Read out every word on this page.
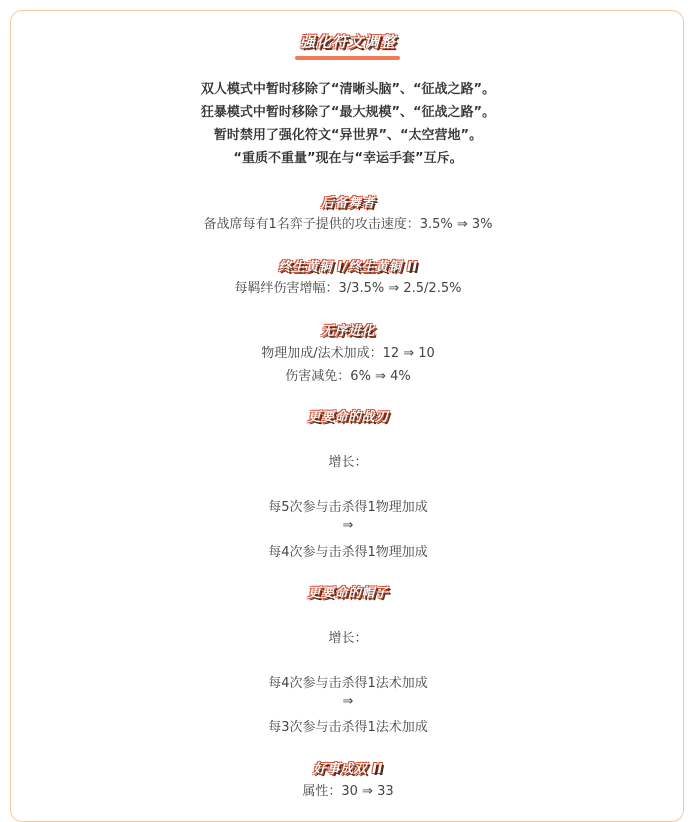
强化符文调整
双人模式中暂时移除了“清晰头脑”、“征战之路”。
狂暴模式中暂时移除了“最大规模”、“征战之路”。
暂时禁用了强化符文“异世界”、“太空营地”。
“重质不重量”现在与“幸运手套”互斥。
后备舞者
备战席每有1名弈子提供的攻击速度：3.5% ⇒ 3%
终生黄铜 I/终生黄铜 II
每羁绊伤害增幅：3/3.5% ⇒ 2.5/2.5%
无序进化
物理加成/法术加成：12 ⇒ 10
伤害减免：6% ⇒ 4%
更要命的战刃
增长：
每5次参与击杀得1物理加成
⇒
每4次参与击杀得1物理加成
更要命的帽子
增长：
每4次参与击杀得1法术加成
⇒
每3次参与击杀得1法术加成
好事成双 II
属性：30 ⇒ 33
